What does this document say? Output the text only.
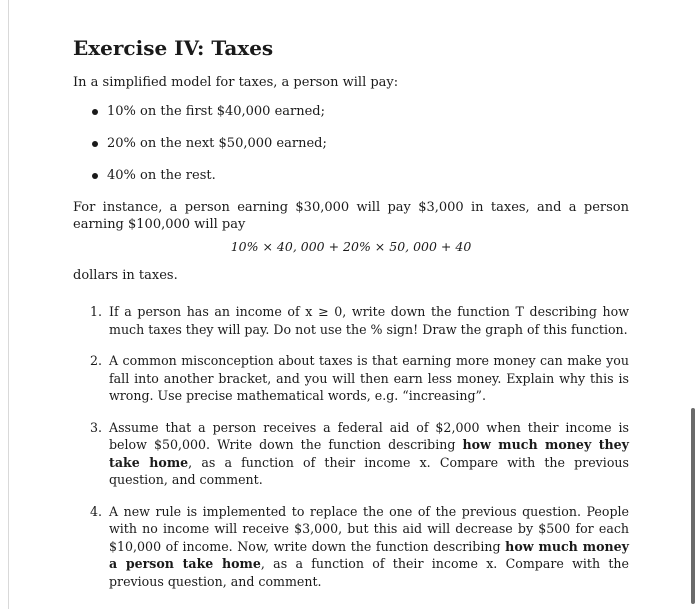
Exercise IV: Taxes

In a simplified model for taxes, a person will pay:

10% on the first $40,000 earned;
20% on the next $50,000 earned;
40% on the rest.

For instance, a person earning $30,000 will pay $3,000 in taxes, and a person earning $100,000 will pay

10% × 40, 000 + 20% × 50, 000 + 40

dollars in taxes.

1. If a person has an income of x ≥ 0, write down the function T describing how much taxes they will pay. Do not use the % sign! Draw the graph of this function.
2. A common misconception about taxes is that earning more money can make you fall into another bracket, and you will then earn less money. Explain why this is wrong. Use precise mathematical words, e.g. “increasing”.
3. Assume that a person receives a federal aid of $2,000 when their income is below $50,000. Write down the function describing how much money they take home, as a function of their income x. Compare with the previous question, and comment.
4. A new rule is implemented to replace the one of the previous question. People with no income will receive $3,000, but this aid will decrease by $500 for each $10,000 of income. Now, write down the function describing how much money a person take home, as a function of their income x. Compare with the previous question, and comment.
